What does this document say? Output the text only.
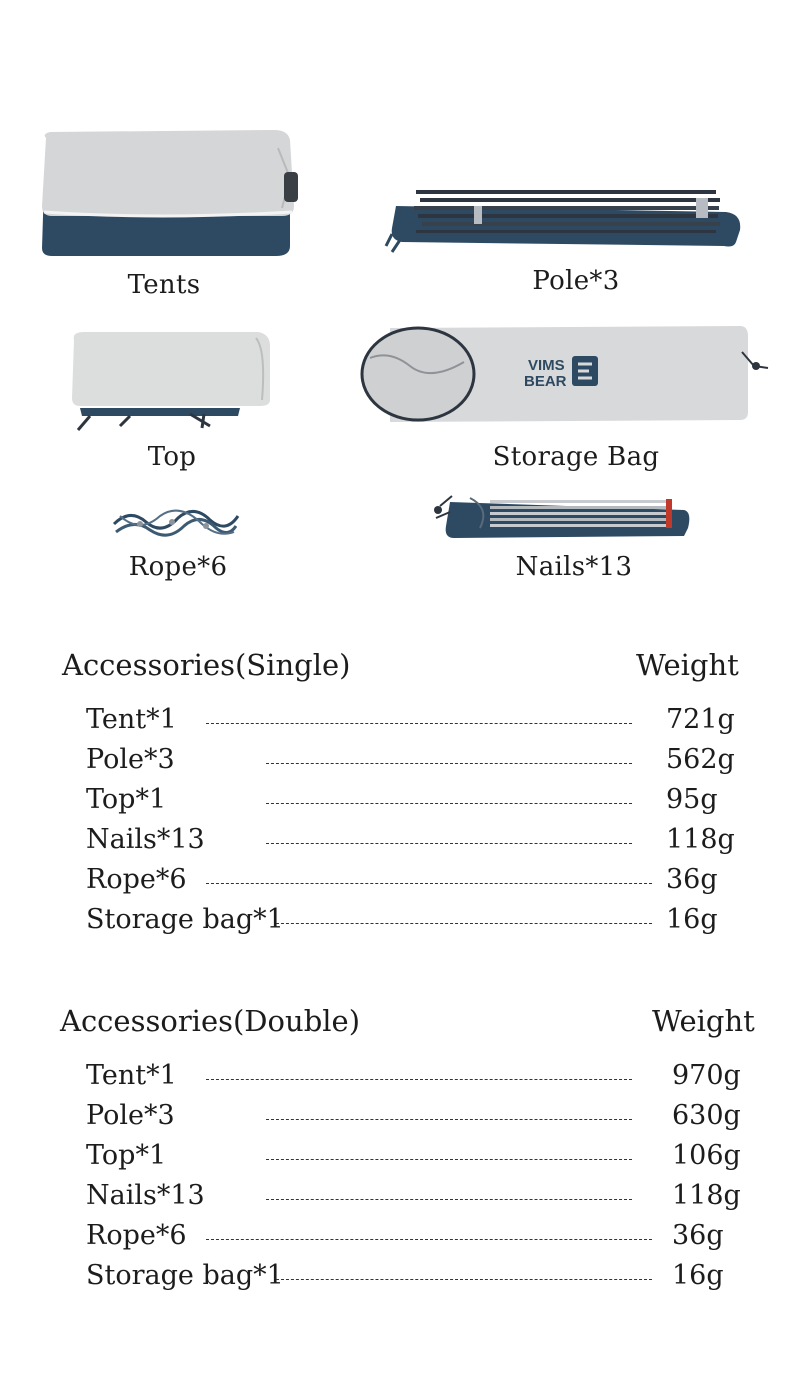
Tents	Pole*3
Top
VIMS
BEAR
Storage Bag
Rope*6	Nails*13
Accessories(Single)	Weight
Tent*1	721g
Pole*3	562g
Top*1	95g
Nails*13	118g
Rope*6	36g
Storage bag*1	16g
Accessories(Double)	Weight
Tent*1	970g
Pole*3	630g
Top*1	106g
Nails*13	118g
Rope*6	36g
Storage bag*1	16g
